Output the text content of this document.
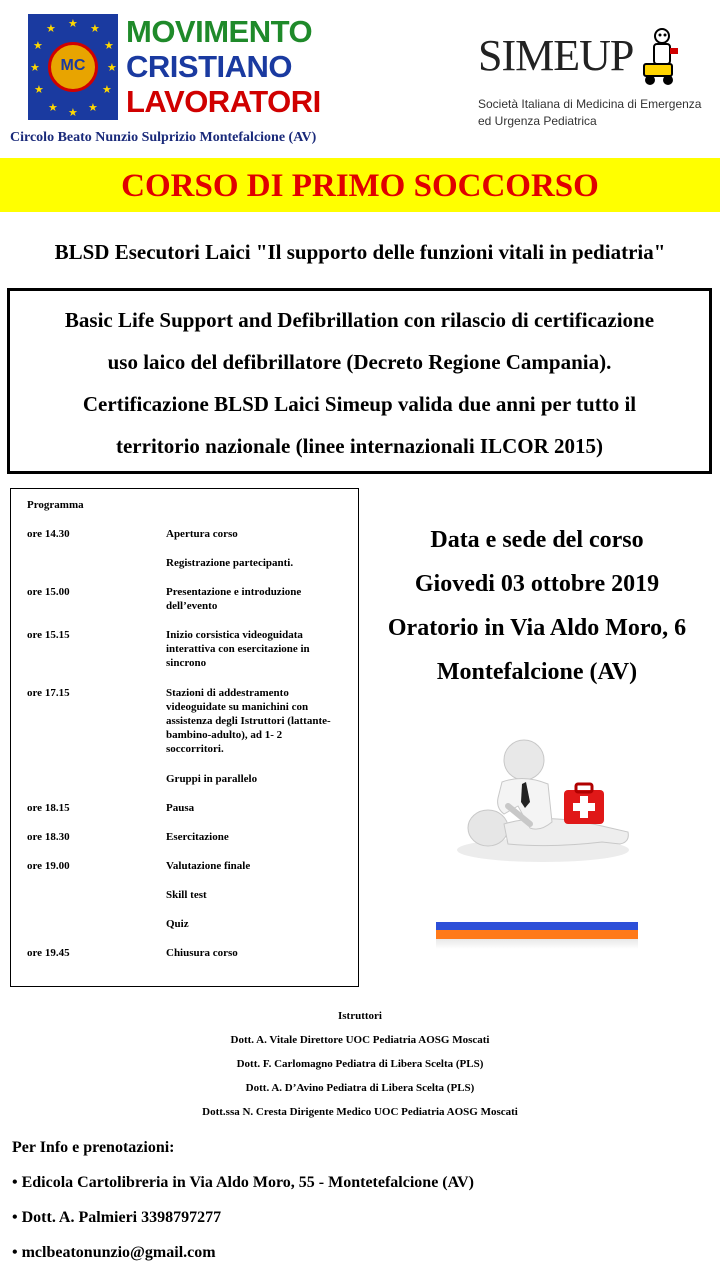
★ ★
★
★
★
★
★
★
★
★
★
★
MC
MOVIMENTO
CRISTIANO
LAVORATORI
Circolo Beato Nunzio Sulprizio Montefalcione (AV)
SIMEUP
Società Italiana di Medicina di Emergenza
ed Urgenza Pediatrica
CORSO DI PRIMO SOCCORSO
BLSD Esecutori Laici "Il supporto delle funzioni vitali in pediatria"
Basic Life Support and Defibrillation con rilascio di certificazione
uso laico del defibrillatore (Decreto Regione Campania).
Certificazione BLSD Laici Simeup valida due anni per tutto il
territorio nazionale (linee internazionali ILCOR 2015)
Programma
ore 14.30	Apertura corso
Registrazione partecipanti.
ore 15.00	Presentazione e introduzione dell’evento
ore 15.15	Inizio corsistica videoguidata interattiva con esercitazione in sincrono
ore 17.15	Stazioni di addestramento videoguidate su manichini con assistenza degli Istruttori (lattante-bambino-adulto), ad 1- 2 soccorritori.
Gruppi in parallelo
ore 18.15	Pausa
ore 18.30	Esercitazione
ore 19.00	Valutazione finale
Skill test
Quiz
ore 19.45	Chiusura corso
Data e sede del corso
Giovedi 03 ottobre 2019
Oratorio in Via Aldo Moro, 6
Montefalcione (AV)
Istruttori
Dott. A. Vitale Direttore UOC Pediatria AOSG Moscati
Dott. F. Carlomagno Pediatra di Libera Scelta (PLS)
Dott. A. D’Avino Pediatra di Libera Scelta (PLS)
Dott.ssa N. Cresta Dirigente Medico UOC Pediatria AOSG Moscati
Per Info e prenotazioni:
• Edicola Cartolibreria in Via Aldo Moro, 55 - Montetefalcione (AV)
• Dott. A. Palmieri 3398797277
• mclbeatonunzio@gmail.com
